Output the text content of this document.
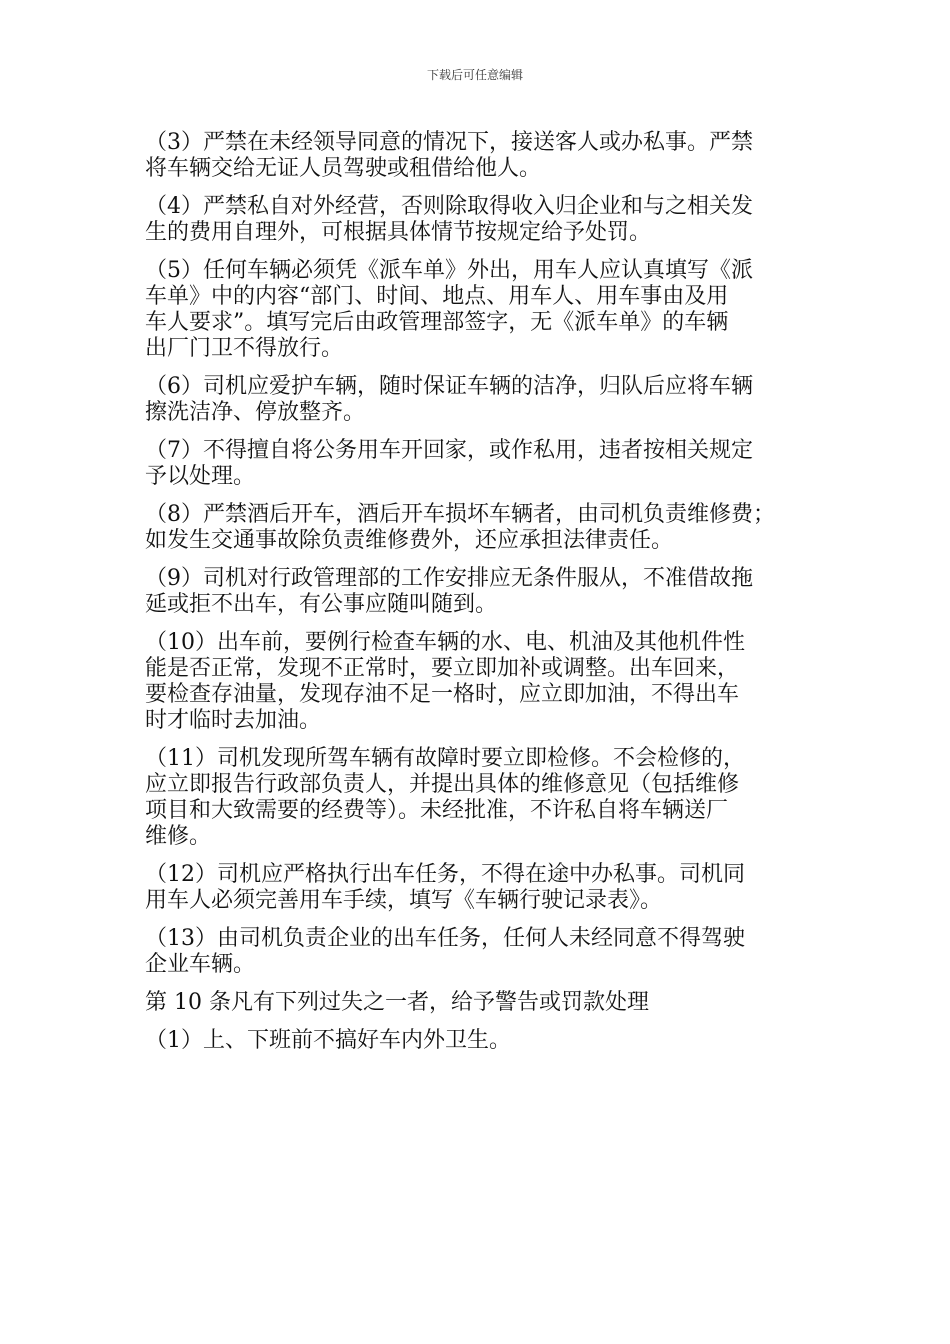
下载后可任意编辑
（3）严禁在未经领导同意的情况下，接送客人或办私事。严禁
将车辆交给无证人员驾驶或租借给他人。
（4）严禁私自对外经营，否则除取得收入归企业和与之相关发
生的费用自理外，可根据具体情节按规定给予处罚。
（5）任何车辆必须凭《派车单》外出，用车人应认真填写《派
车单》中的内容“部门、时间、地点、用车人、用车事由及用
车人要求”。填写完后由政管理部签字，无《派车单》的车辆
出厂门卫不得放行。
（6）司机应爱护车辆，随时保证车辆的洁净，归队后应将车辆
擦洗洁净、停放整齐。
（7）不得擅自将公务用车开回家，或作私用，违者按相关规定
予以处理。
（8）严禁酒后开车，酒后开车损坏车辆者，由司机负责维修费；
如发生交通事故除负责维修费外，还应承担法律责任。
（9）司机对行政管理部的工作安排应无条件服从，不准借故拖
延或拒不出车，有公事应随叫随到。
（10）出车前，要例行检查车辆的水、电、机油及其他机件性
能是否正常，发现不正常时，要立即加补或调整。出车回来，
要检查存油量，发现存油不足一格时，应立即加油，不得出车
时才临时去加油。
（11）司机发现所驾车辆有故障时要立即检修。不会检修的，
应立即报告行政部负责人，并提出具体的维修意见（包括维修
项目和大致需要的经费等）。未经批准，不许私自将车辆送厂
维修。
（12）司机应严格执行出车任务，不得在途中办私事。司机同
用车人必须完善用车手续，填写《车辆行驶记录表》。
（13）由司机负责企业的出车任务，任何人未经同意不得驾驶
企业车辆。
第 10 条凡有下列过失之一者，给予警告或罚款处理
（1）上、下班前不搞好车内外卫生。
